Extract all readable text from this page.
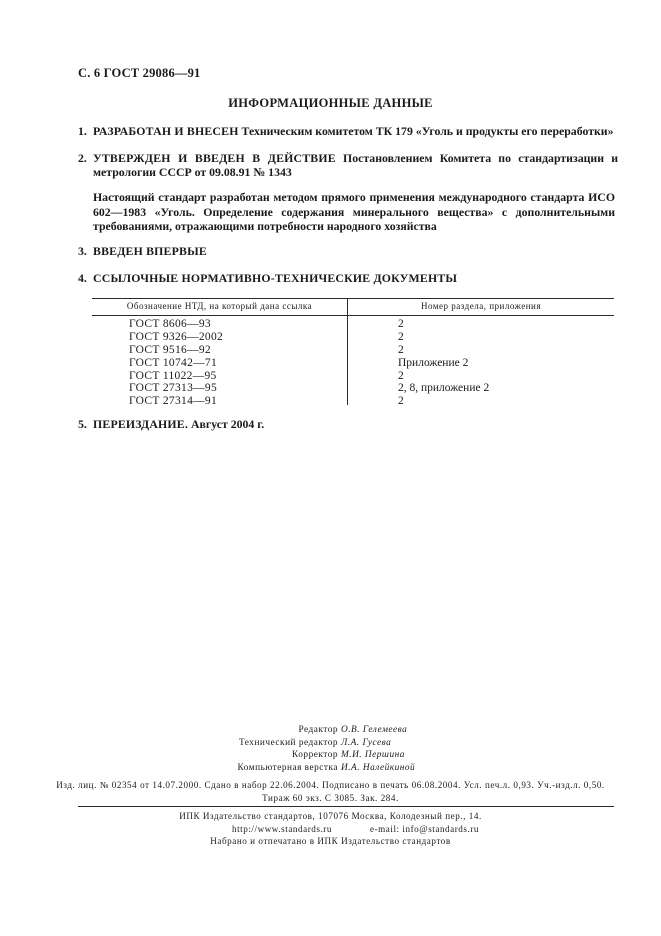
С. 6 ГОСТ 29086—91
ИНФОРМАЦИОННЫЕ ДАННЫЕ
1. РАЗРАБОТАН И ВНЕСЕН Техническим комитетом ТК 179 «Уголь и продукты его переработки»
2. УТВЕРЖДЕН И ВВЕДЕН В ДЕЙСТВИЕ Постановлением Комитета по стандартизации и метрологии СССР от 09.08.91 № 1343
Настоящий стандарт разработан методом прямого применения международного стандарта ИСО 602—1983 «Уголь. Определение содержания минерального вещества» с дополнительными требованиями, отражающими потребности народного хозяйства
3. ВВЕДЕН ВПЕРВЫЕ
4. ССЫЛОЧНЫЕ НОРМАТИВНО-ТЕХНИЧЕСКИЕ ДОКУМЕНТЫ
Обозначение НТД, на который дана ссылка	Номер раздела, приложения
ГОСТ 8606—93	2
ГОСТ 9326—2002	2
ГОСТ 9516—92	2
ГОСТ 10742—71	Приложение 2
ГОСТ 11022—95	2
ГОСТ 27313—95	2, 8, приложение 2
ГОСТ 27314—91	2
5. ПЕРЕИЗДАНИЕ. Август 2004 г.
Редактор О.В. Гелемеева
Технический редактор Л.А. Гусева
Корректор М.И. Першина
Компьютерная верстка И.А. Налейкиной
Изд. лиц. № 02354 от 14.07.2000. Сдано в набор 22.06.2004. Подписано в печать 06.08.2004. Усл. печ.л. 0,93. Уч.-изд.л. 0,50.
Тираж 60 экз. С 3085. Зак. 284.
ИПК Издательство стандартов, 107076 Москва, Колодезный пер., 14.
http://www.standards.ru	e-mail: info@standards.ru
Набрано и отпечатано в ИПК Издательство стандартов
